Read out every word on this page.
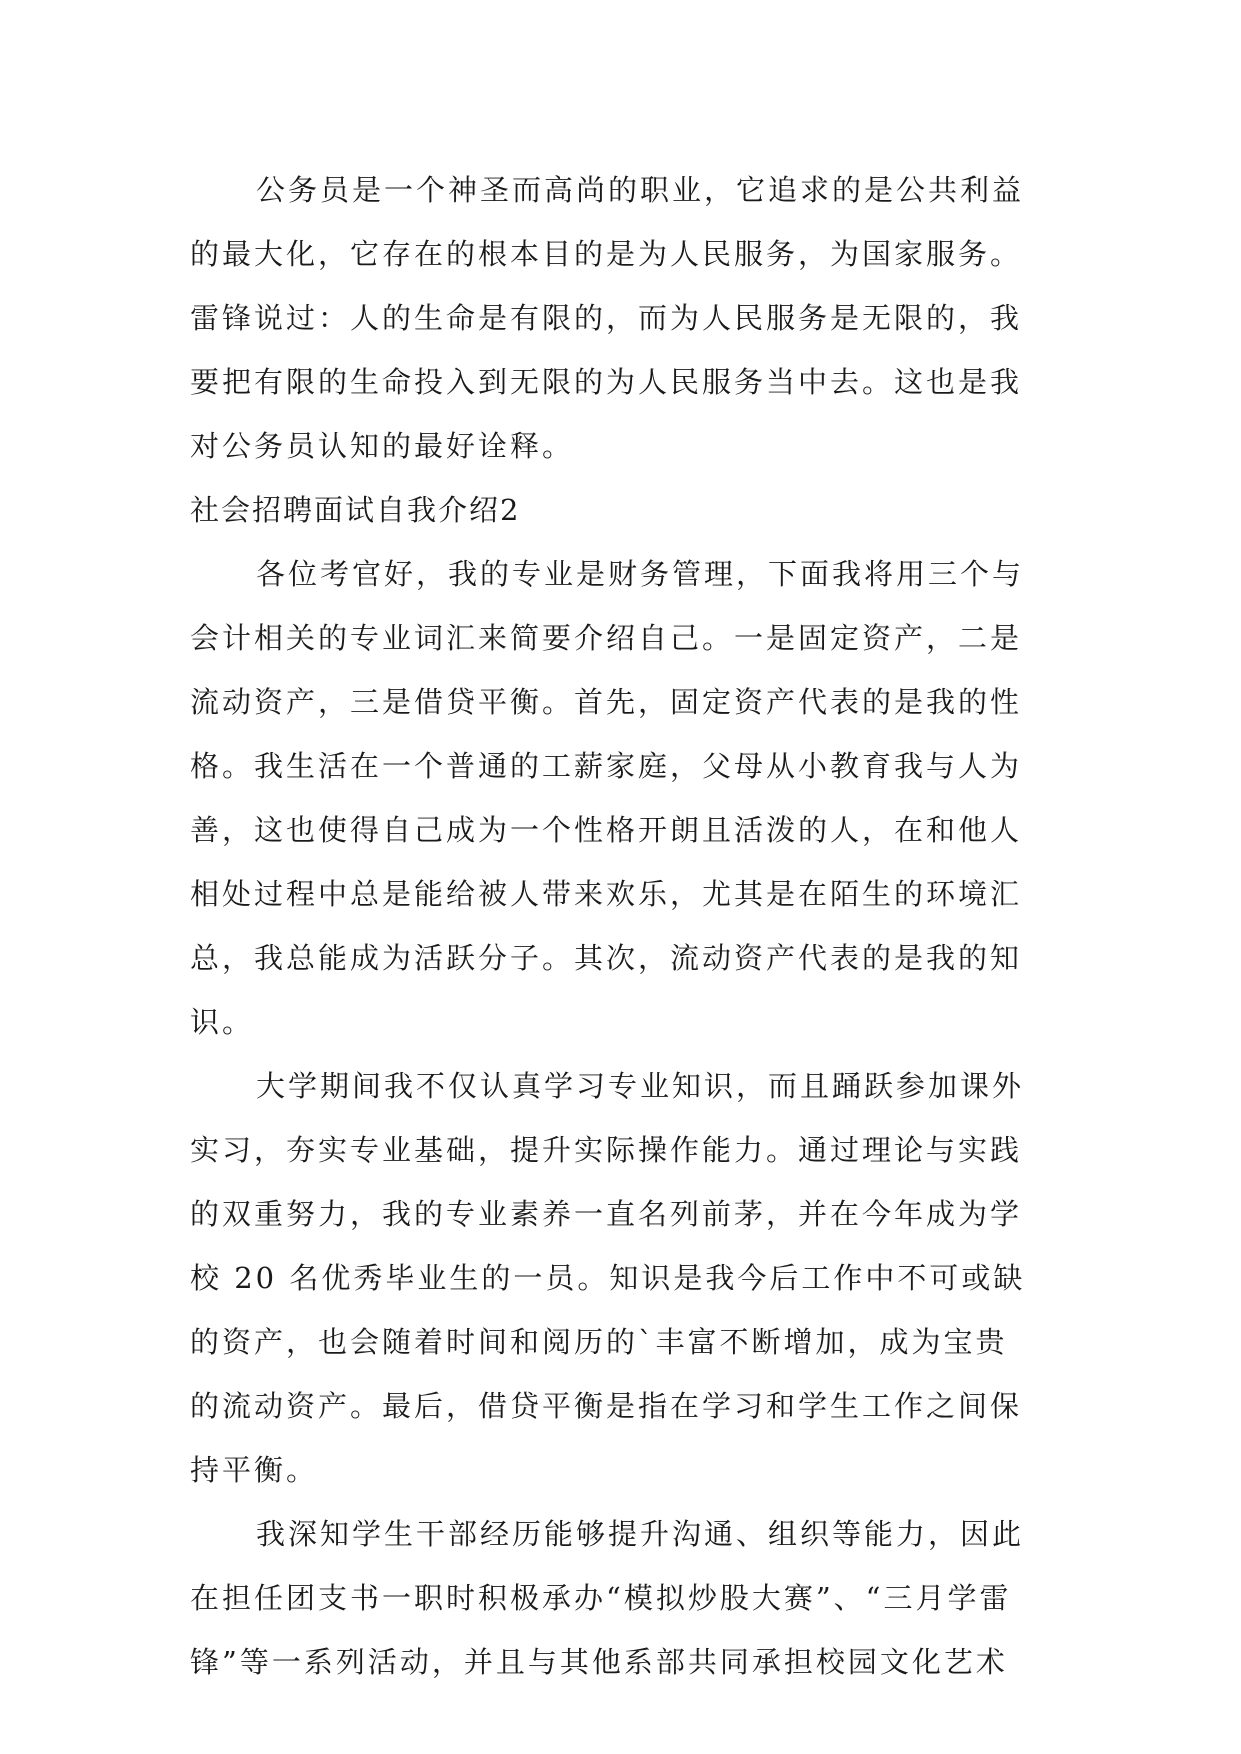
公务员是一个神圣而高尚的职业，它追求的是公共利益
的最大化，它存在的根本目的是为人民服务，为国家服务。
雷锋说过：人的生命是有限的，而为人民服务是无限的，我
要把有限的生命投入到无限的为人民服务当中去。这也是我
对公务员认知的最好诠释。
社会招聘面试自我介绍2
各位考官好，我的专业是财务管理，下面我将用三个与
会计相关的专业词汇来简要介绍自己。一是固定资产，二是
流动资产，三是借贷平衡。首先，固定资产代表的是我的性
格。我生活在一个普通的工薪家庭，父母从小教育我与人为
善，这也使得自己成为一个性格开朗且活泼的人，在和他人
相处过程中总是能给被人带来欢乐，尤其是在陌生的环境汇
总，我总能成为活跃分子。其次，流动资产代表的是我的知
识。
大学期间我不仅认真学习专业知识，而且踊跃参加课外
实习，夯实专业基础，提升实际操作能力。通过理论与实践
的双重努力，我的专业素养一直名列前茅，并在今年成为学
校 20 名优秀毕业生的一员。知识是我今后工作中不可或缺
的资产，也会随着时间和阅历的`丰富不断增加，成为宝贵
的流动资产。最后，借贷平衡是指在学习和学生工作之间保
持平衡。
我深知学生干部经历能够提升沟通、组织等能力，因此
在担任团支书一职时积极承办“模拟炒股大赛”、“三月学雷
锋”等一系列活动，并且与其他系部共同承担校园文化艺术
